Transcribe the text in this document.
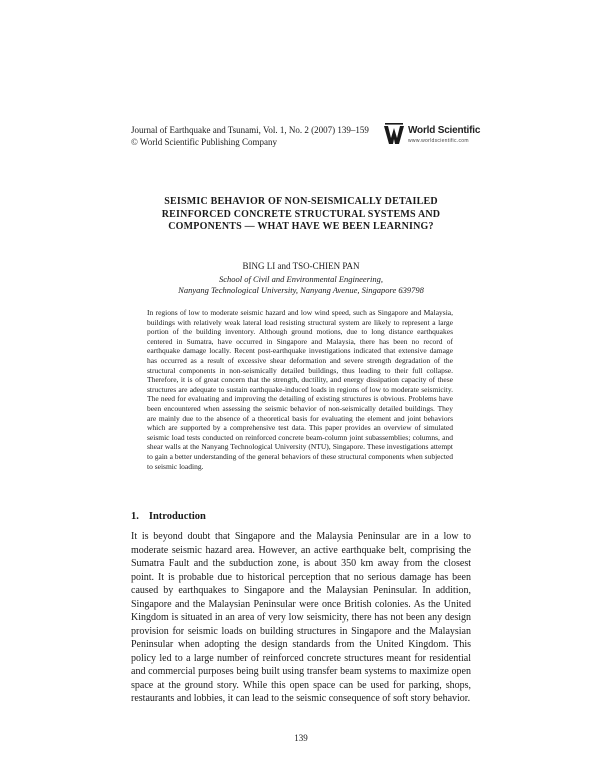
Journal of Earthquake and Tsunami, Vol. 1, No. 2 (2007) 139–159
© World Scientific Publishing Company
World Scientific
www.worldscientific.com
SEISMIC BEHAVIOR OF NON-SEISMICALLY DETAILED REINFORCED CONCRETE STRUCTURAL SYSTEMS AND COMPONENTS — WHAT HAVE WE BEEN LEARNING?
BING LI and TSO-CHIEN PAN
School of Civil and Environmental Engineering,
Nanyang Technological University, Nanyang Avenue, Singapore 639798
In regions of low to moderate seismic hazard and low wind speed, such as Singapore and Malaysia, buildings with relatively weak lateral load resisting structural system are likely to represent a large portion of the building inventory. Although ground motions, due to long distance earthquakes centered in Sumatra, have occurred in Singapore and Malaysia, there has been no record of earthquake damage locally. Recent post-earthquake investigations indicated that extensive damage has occurred as a result of excessive shear deformation and severe strength degradation of the structural components in non-seismically detailed buildings, thus leading to their full collapse. Therefore, it is of great concern that the strength, ductility, and energy dissipation capacity of these structures are adequate to sustain earthquake-induced loads in regions of low to moderate seismicity. The need for evaluating and improving the detailing of existing structures is obvious. Problems have been encountered when assessing the seismic behavior of non-seismically detailed buildings. They are mainly due to the absence of a theoretical basis for evaluating the element and joint behaviors which are supported by a comprehensive test data. This paper provides an overview of simulated seismic load tests conducted on reinforced concrete beam-column joint subassemblies; columns, and shear walls at the Nanyang Technological University (NTU), Singapore. These investigations attempt to gain a better understanding of the general behaviors of these structural components when subjected to seismic loading.
1. Introduction
It is beyond doubt that Singapore and the Malaysia Peninsular are in a low to moderate seismic hazard area. However, an active earthquake belt, comprising the Sumatra Fault and the subduction zone, is about 350 km away from the closest point. It is probable due to historical perception that no serious damage has been caused by earthquakes to Singapore and the Malaysian Peninsular. In addition, Singapore and the Malaysian Peninsular were once British colonies. As the United Kingdom is situated in an area of very low seismicity, there has not been any design provision for seismic loads on building structures in Singapore and the Malaysian Peninsular when adopting the design standards from the United Kingdom. This policy led to a large number of reinforced concrete structures meant for residential and commercial purposes being built using transfer beam systems to maximize open space at the ground story. While this open space can be used for parking, shops, restaurants and lobbies, it can lead to the seismic consequence of soft story behavior.
139
